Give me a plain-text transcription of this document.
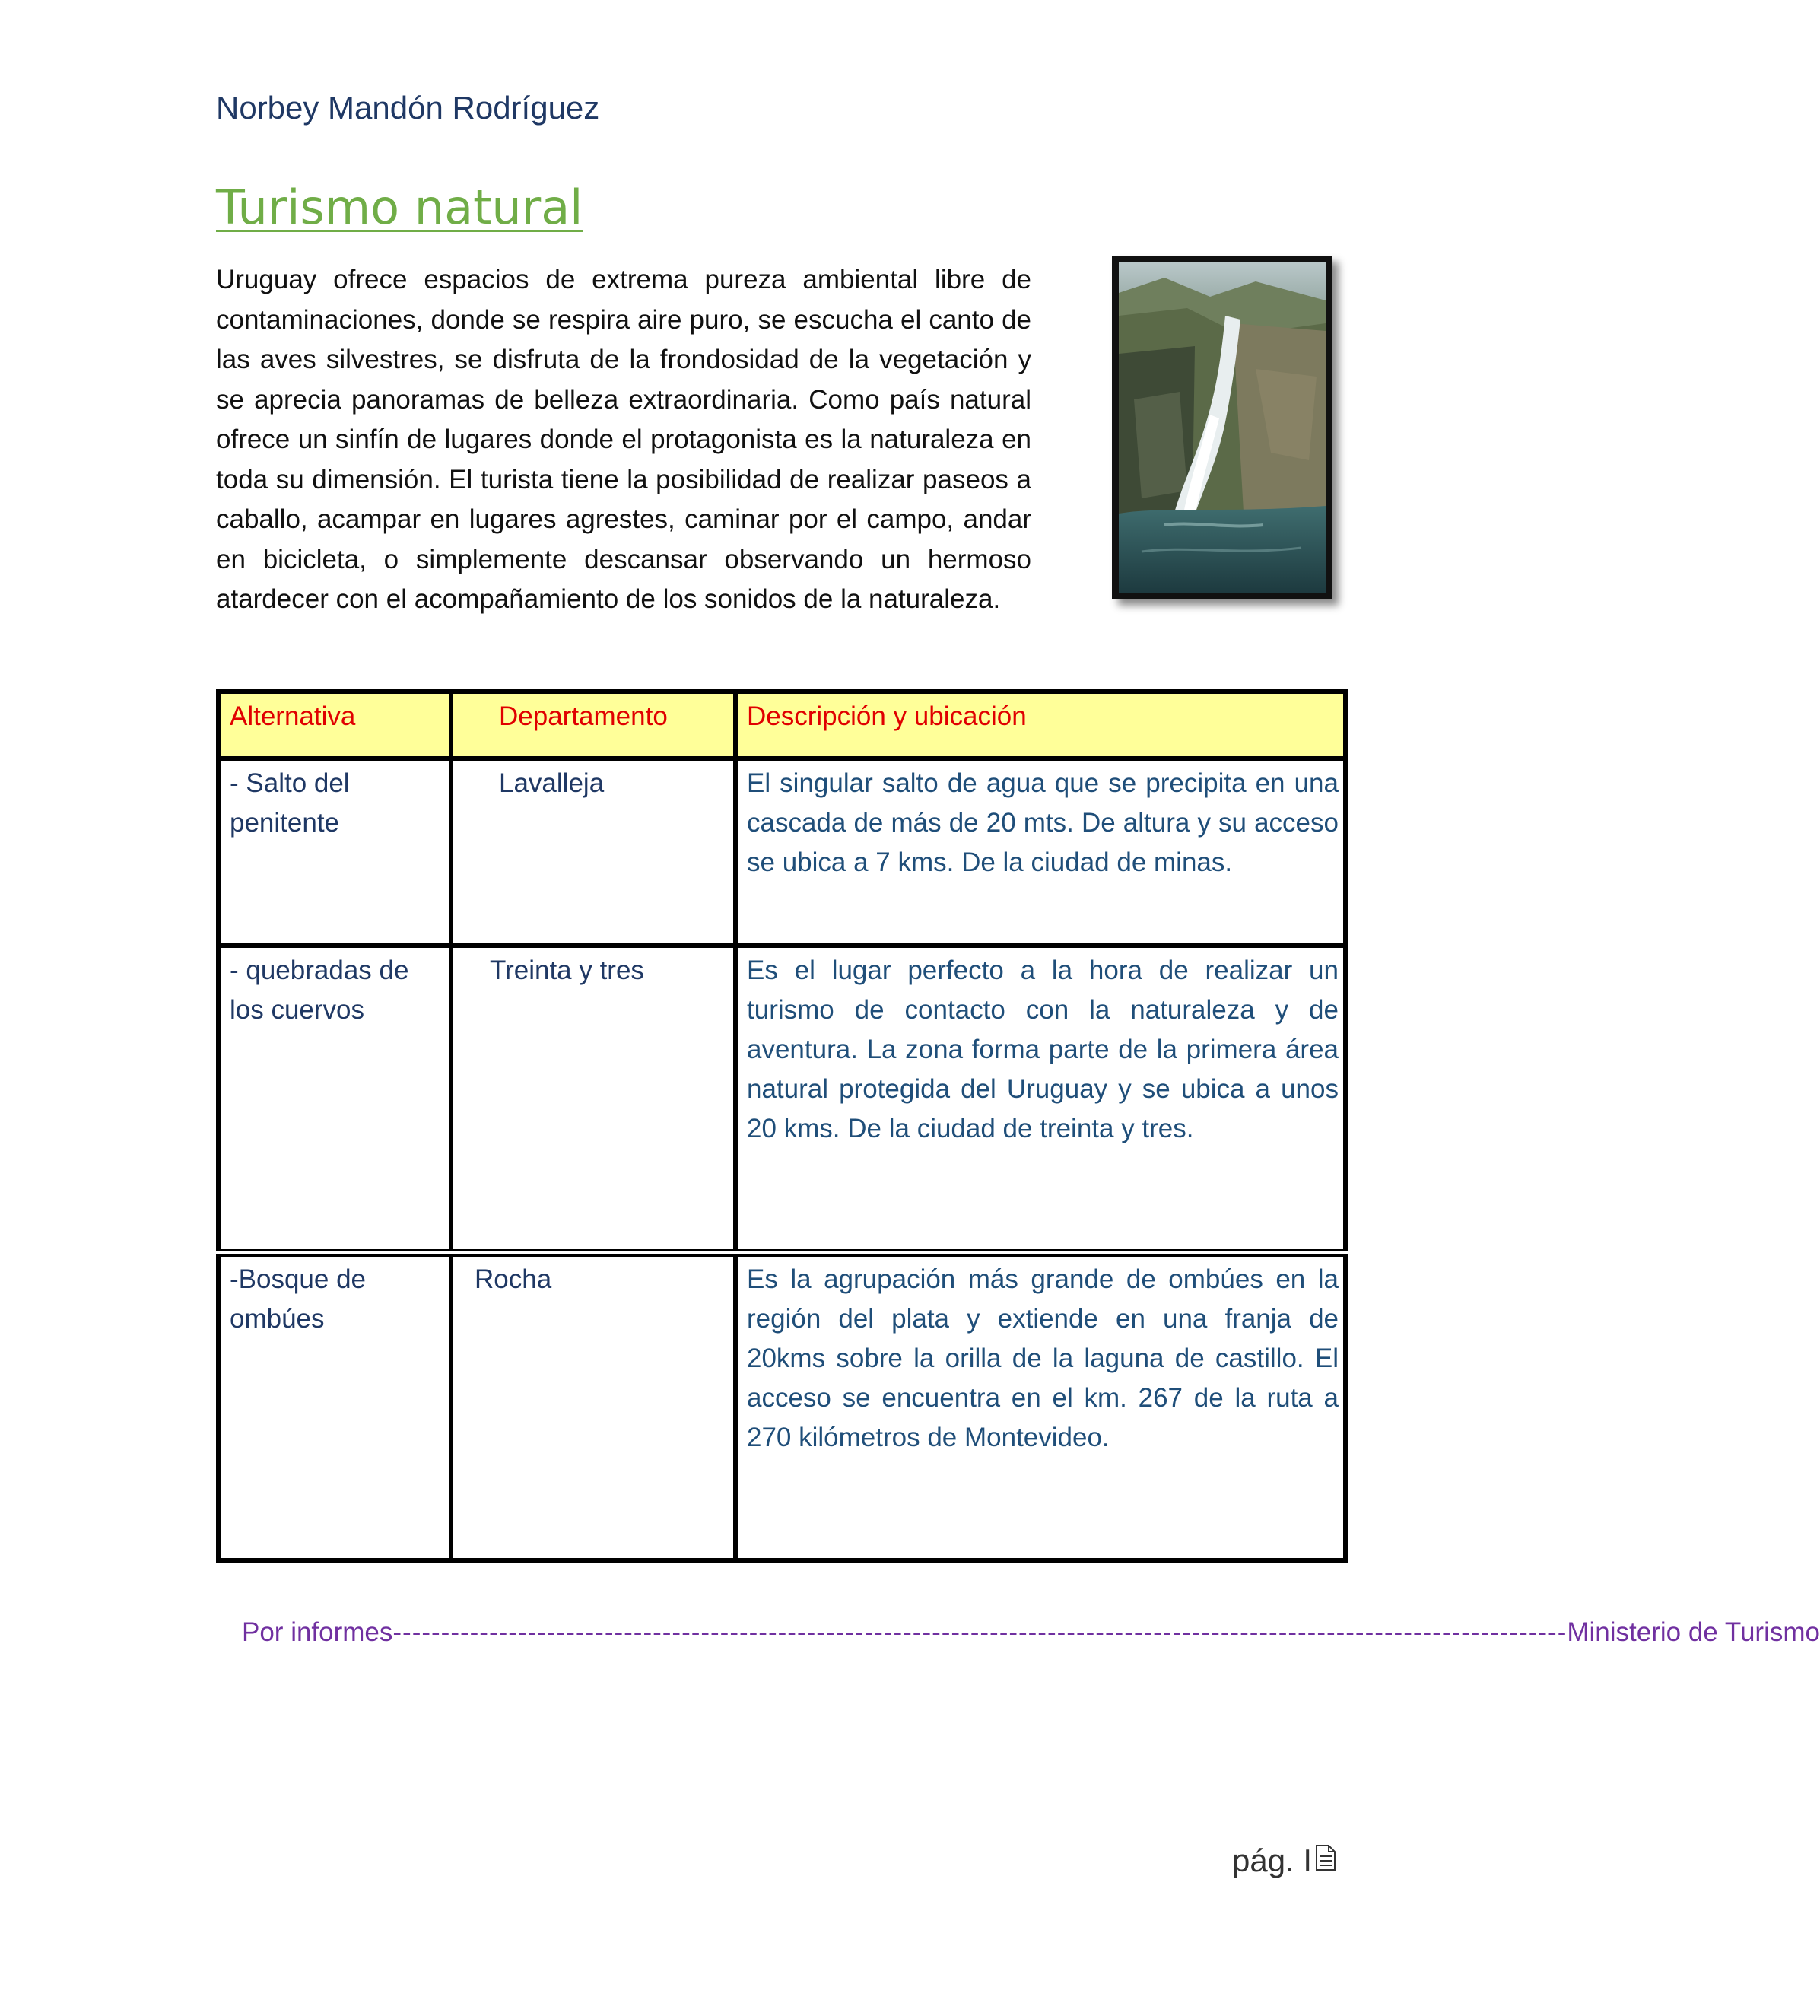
Norbey Mandón Rodríguez
Turismo natural

Uruguay ofrece espacios de extrema pureza ambiental libre de contaminaciones, donde se respira aire puro, se escucha el canto de las aves silvestres, se disfruta de la frondosidad de la vegetación y se aprecia panoramas de belleza extraordinaria. Como país natural ofrece un sinfín de lugares donde el protagonista es la naturaleza en toda su dimensión. El turista tiene la posibilidad de realizar paseos a caballo, acampar en lugares agrestes, caminar por el campo, andar en bicicleta, o simplemente descansar observando un hermoso atardecer con el acompañamiento de los sonidos de la naturaleza.

Alternativa	Departamento	Descripción y ubicación
- Salto del penitente	Lavalleja	El singular salto de agua que se precipita en una cascada de más de 20 mts. De altura y su acceso se ubica a 7 kms. De la ciudad de minas.
- quebradas de los cuervos	Treinta y tres	Es el lugar perfecto a la hora de realizar un turismo de contacto con la naturaleza y de aventura. La zona forma parte de la primera área natural protegida del Uruguay y se ubica a unos 20 kms. De la ciudad de treinta y tres.
-Bosque de ombúes	Rocha	Es la agrupación más grande de ombúes en la región del plata y extiende en una franja de 20kms sobre la orilla de la laguna de castillo. El acceso se encuentra en el km. 267 de la ruta a 270 kilómetros de Montevideo.
Por informes -------------------------------------------------------------------------------------------------------------------------- Ministerio de Turismo
pág. I
